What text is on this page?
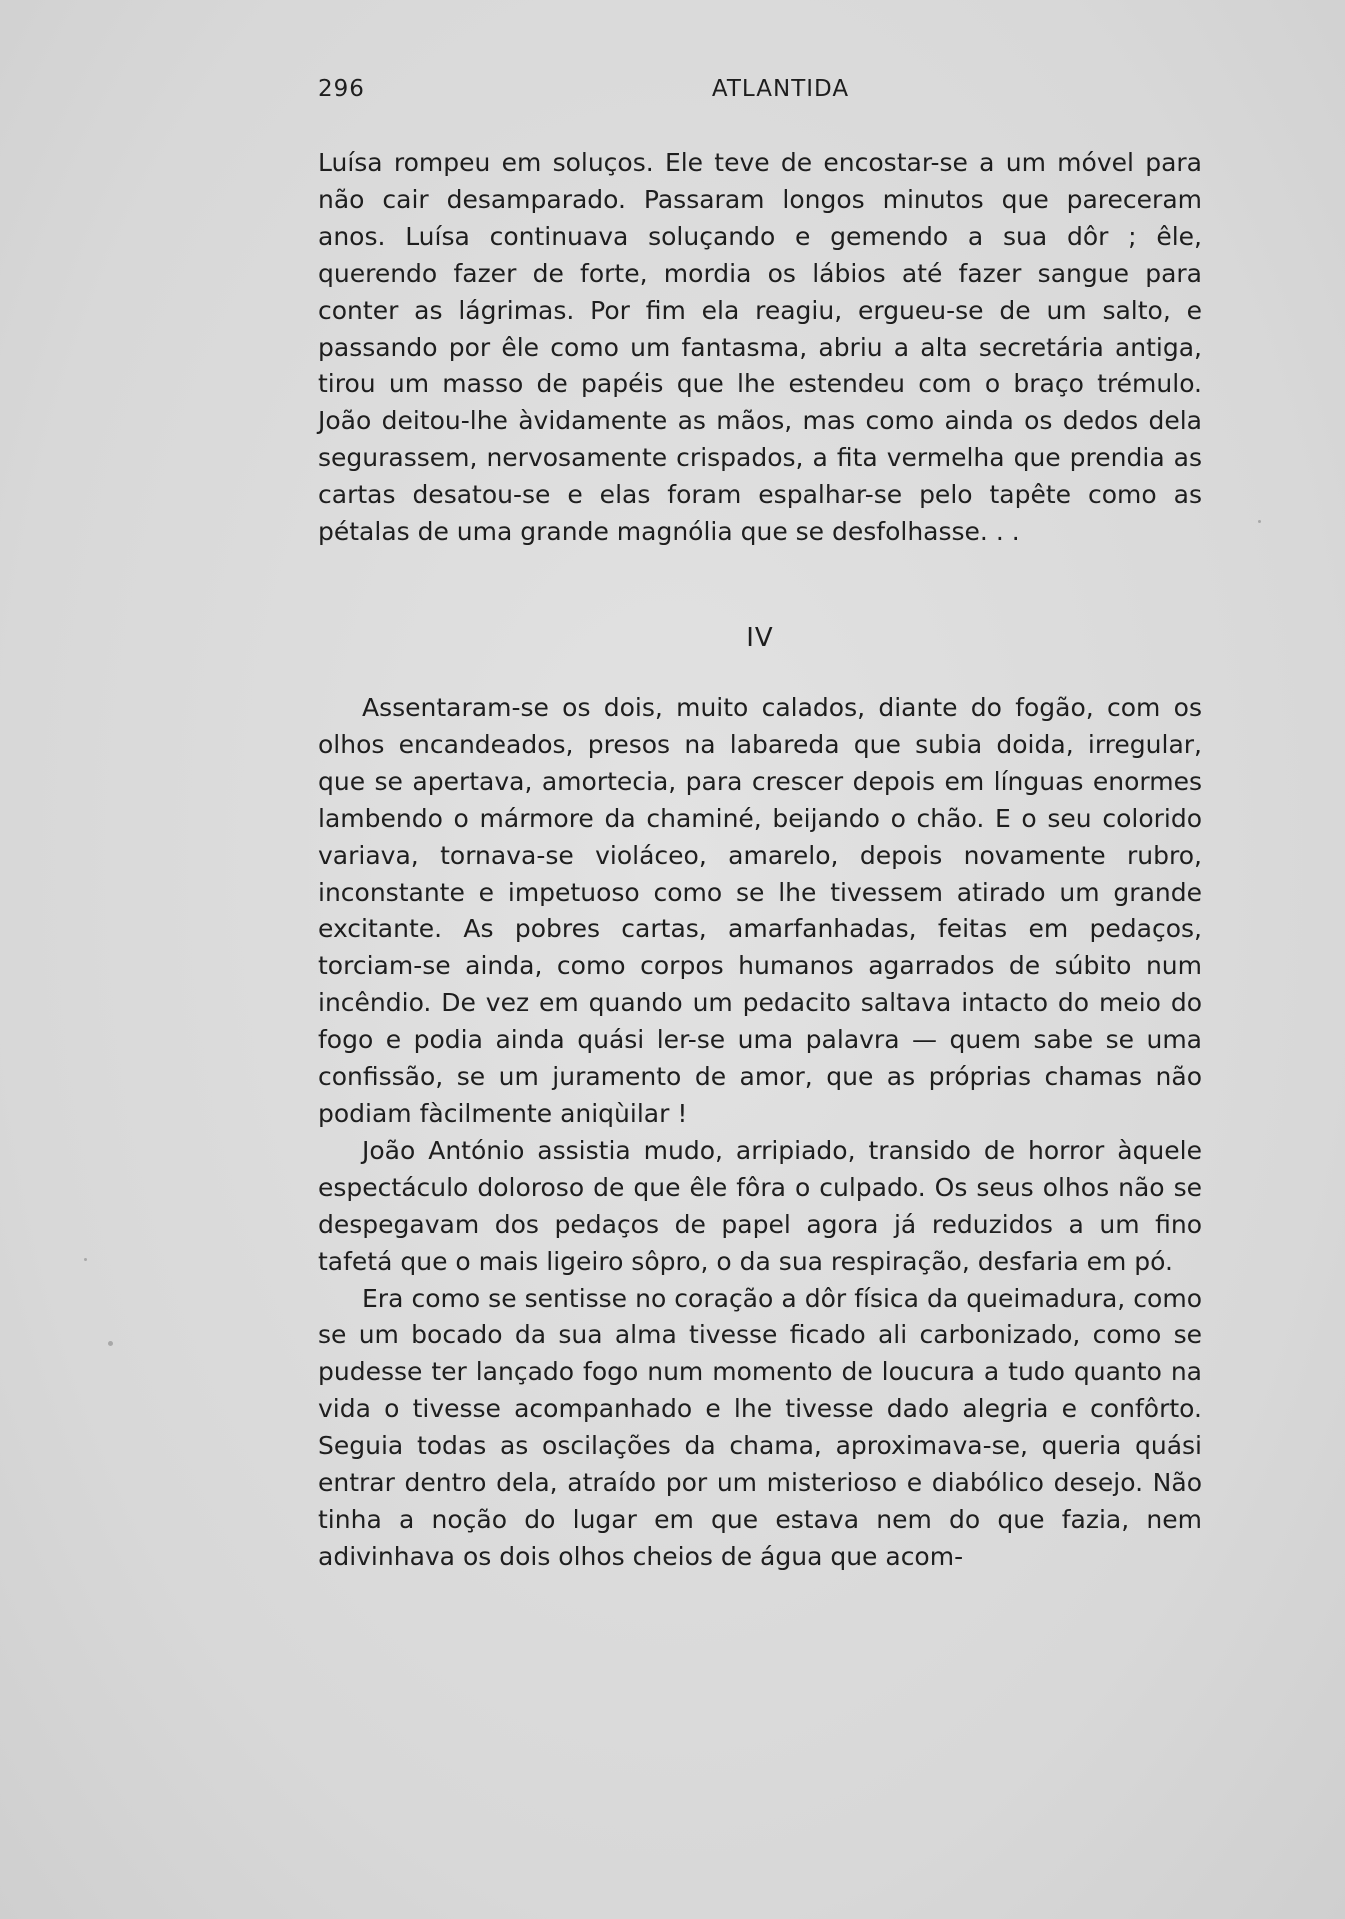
296	ATLANTIDA

Luísa rompeu em soluços. Ele teve de encostar-se a um móvel para não cair desamparado. Passaram longos minutos que pareceram anos. Luísa continuava soluçando e gemendo a sua dôr ; êle, querendo fazer de forte, mordia os lábios até fazer sangue para conter as lágrimas. Por fim ela reagiu, ergueu-se de um salto, e passando por êle como um fantasma, abriu a alta secretária antiga, tirou um masso de papéis que lhe estendeu com o braço trémulo. João deitou-lhe àvidamente as mãos, mas como ainda os dedos dela segurassem, nervosamente crispados, a fita vermelha que prendia as cartas desatou-se e elas foram espalhar-se pelo tapête como as pétalas de uma grande magnólia que se desfolhasse. . .

IV

Assentaram-se os dois, muito calados, diante do fogão, com os olhos encandeados, presos na labareda que subia doida, irregular, que se apertava, amortecia, para crescer depois em línguas enormes lambendo o mármore da chaminé, beijando o chão. E o seu colorido variava, tornava-se violáceo, amarelo, depois novamente rubro, inconstante e impetuoso como se lhe tivessem atirado um grande excitante. As pobres cartas, amarfanhadas, feitas em pedaços, torciam-se ainda, como corpos humanos agarrados de súbito num incêndio. De vez em quando um pedacito saltava intacto do meio do fogo e podia ainda quási ler-se uma palavra — quem sabe se uma confissão, se um juramento de amor, que as próprias chamas não podiam fàcilmente aniqùilar !

João António assistia mudo, arripiado, transido de horror àquele espectáculo doloroso de que êle fôra o culpado. Os seus olhos não se despegavam dos pedaços de papel agora já reduzidos a um fino tafetá que o mais ligeiro sôpro, o da sua respiração, desfaria em pó.

Era como se sentisse no coração a dôr física da queimadura, como se um bocado da sua alma tivesse ficado ali carbonizado, como se pudesse ter lançado fogo num momento de loucura a tudo quanto na vida o tivesse acompanhado e lhe tivesse dado alegria e confôrto. Seguia todas as oscilações da chama, aproximava-se, queria quási entrar dentro dela, atraído por um misterioso e diabólico desejo. Não tinha a noção do lugar em que estava nem do que fazia, nem adivinhava os dois olhos cheios de água que acom-
